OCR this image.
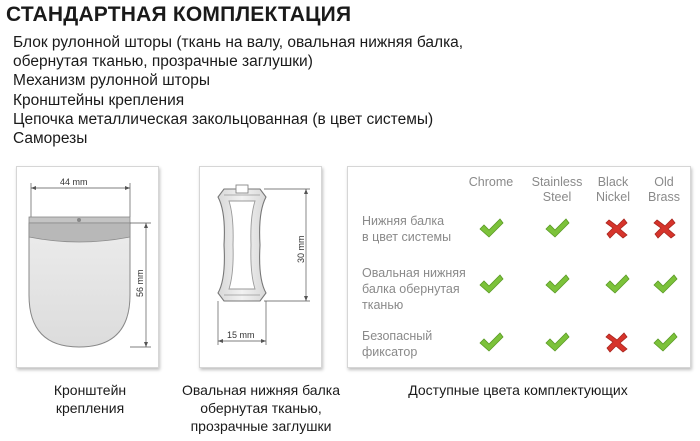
СТАНДАРТНАЯ КОМПЛЕКТАЦИЯ
Блок рулонной шторы (ткань на валу, овальная нижняя балка,
обернутая тканью, прозрачные заглушки)
Механизм рулонной шторы
Кронштейны крепления
Цепочка металлическая закольцованная (в цвет системы)
Саморезы
44 mm
56 mm
30 mm
15 mm
Chrome	Stainless
Steel
Black
Nickel
Old
Brass
Нижняя балка
в цвет системы
Овальная нижняя
балка обернутая
тканью
Безопасный
фиксатор
Кронштейн
крепления
Овальная нижняя балка
обернутая тканью,
прозрачные заглушки
Доступные цвета комплектующих
